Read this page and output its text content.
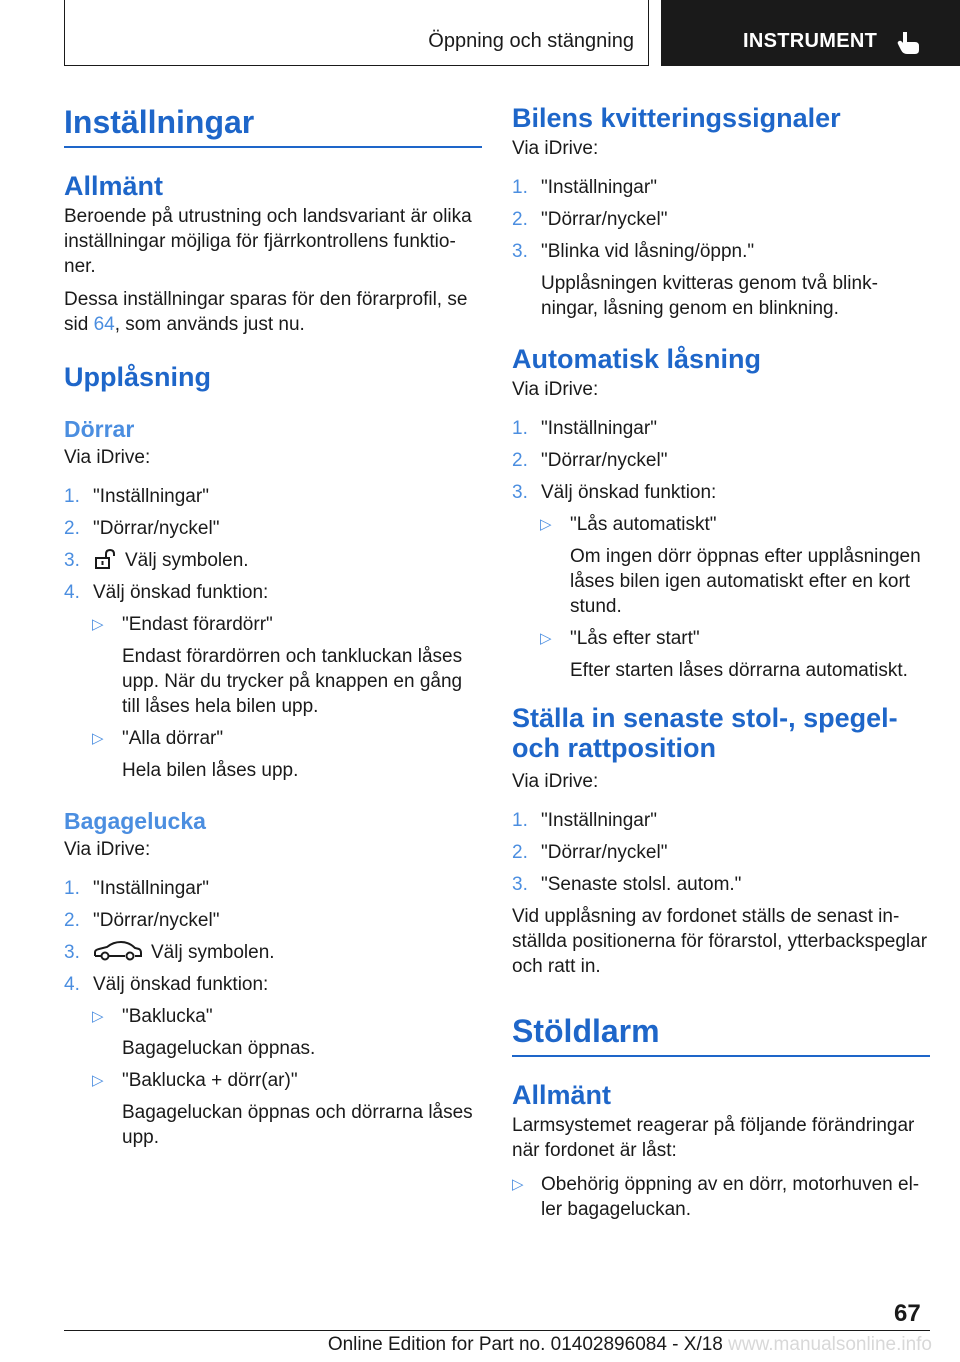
Öppning och stängning	INSTRUMENT
Inställningar
Allmänt
Beroende på utrustning och landsvariant är olika inställningar möjliga för fjärrkontrollens funktio-ner.
Dessa inställningar sparas för den förarprofil, se sid 64, som används just nu.
Upplåsning
Dörrar
Via iDrive:
1. "Inställningar"
2. "Dörrar/nyckel"
3. Välj symbolen.
4. Välj önskad funktion:
▷ "Endast förardörr"
Endast förardörren och tankluckan låses upp. När du trycker på knappen en gång till låses hela bilen upp.
▷ "Alla dörrar"
Hela bilen låses upp.
Bagagelucka
Via iDrive:
1. "Inställningar"
2. "Dörrar/nyckel"
3.	Välj symbolen.
4. Välj önskad funktion:
▷ "Baklucka"
Bagageluckan öppnas.
▷ "Baklucka + dörr(ar)"
Bagageluckan öppnas och dörrarna låses upp.
Bilens kvitteringssignaler
Via iDrive:
1. "Inställningar"
2. "Dörrar/nyckel"
3. "Blinka vid låsning/öppn."
Upplåsningen kvitteras genom två blink-ningar, låsning genom en blinkning.
Automatisk låsning
Via iDrive:
1. "Inställningar"
2. "Dörrar/nyckel"
3. Välj önskad funktion:
▷ "Lås automatiskt"
Om ingen dörr öppnas efter upplåsningen låses bilen igen automatiskt efter en kort stund.
▷ "Lås efter start"
Efter starten låses dörrarna automatiskt.
Ställa in senaste stol-, spegel-
och rattposition
Via iDrive:
1. "Inställningar"
2. "Dörrar/nyckel"
3. "Senaste stolsl. autom."
Vid upplåsning av fordonet ställs de senast in-ställda positionerna för förarstol, ytterbackspeglar och ratt in.
Stöldlarm
Allmänt
Larmsystemet reagerar på följande förändringar när fordonet är låst:
▷ Obehörig öppning av en dörr, motorhuven el-ler bagageluckan.
67
Online Edition for Part no. 01402896084 - X/18 www.manualsonline.info
